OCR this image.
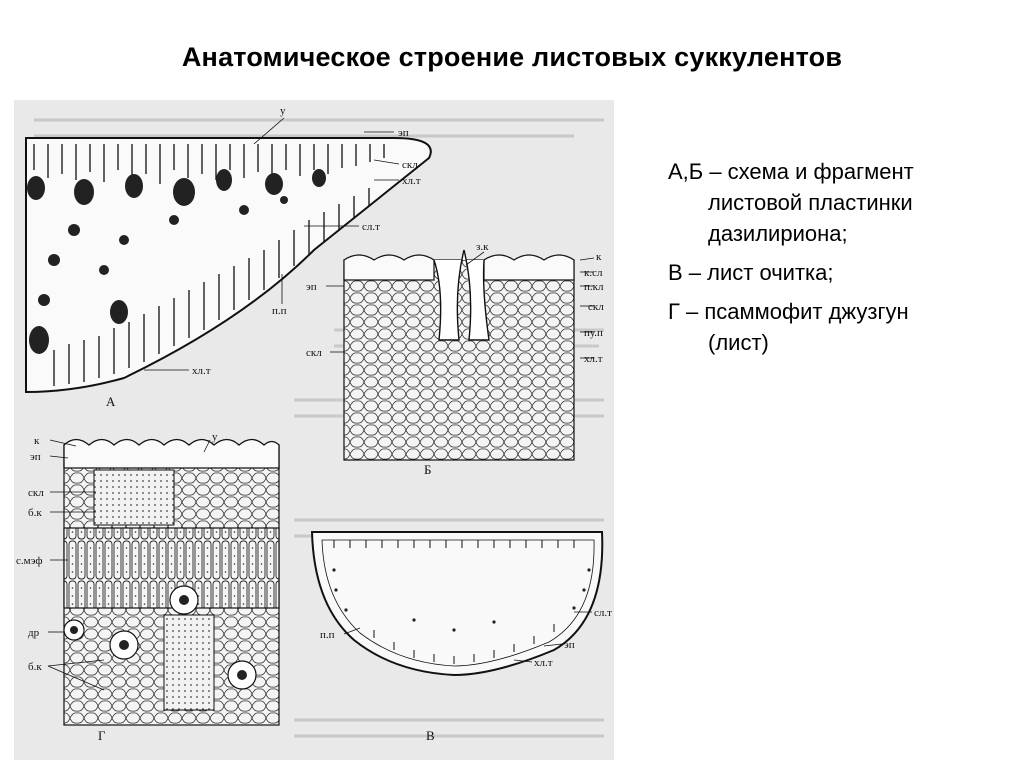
Анатомическое строение листовых суккулентов
у
эп
скл
хл.т
сл.т
п.п
хл.т
А
з.к
к
к.сл
эп	п.кл
скл
пу.п
скл	хл.т
Б
к	у
эп
скл
б.к
с.мэф
др
б.к
Г
сл.т
п.п
эп
хл.т
В
А,Б – схема и фрагмент
листовой пластинки
дазилириона;
В – лист очитка;
Г – псаммофит джузгун
(лист)
